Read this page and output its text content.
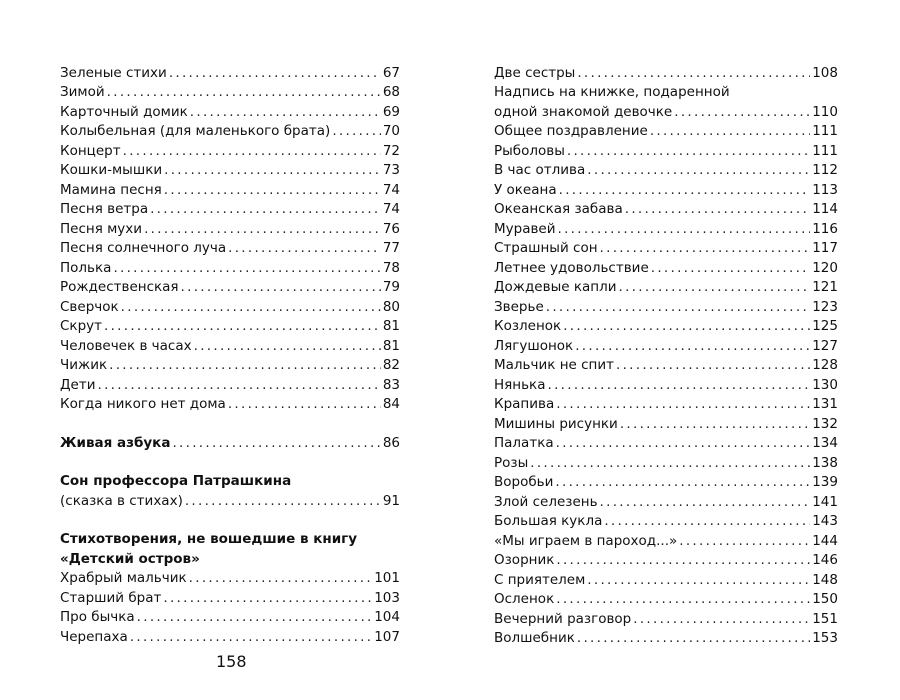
Зеленые стихи . . .	67
Зимой . . .	68
Карточный домик . . .	69
Колыбельная (для маленького брата) . . .	70
Концерт . . .	72
Кошки-мышки . . .	73
Мамина песня . . .	74
Песня ветра . . .	74
Песня мухи . . .	76
Песня солнечного луча . . .	77
Полька . . .	78
Рождественская . . .	79
Сверчок . . .	80
Скрут . . .	81
Человечек в часах . . .	81
Чижик . . .	82
Дети . . .	83
Когда никого нет дома . . .	84
Живая азбука . . .	86
Сон профессора Патрашкина
(сказка в стихах) . . .	91
Стихотворения, не вошедшие в книгу
«Детский остров»
Храбрый мальчик . . .	101
Старший брат . . .	103
Про бычка . . .	104
Черепаха . . .	107
Две сестры . . .	108
Надпись на книжке, подаренной
одной знакомой девочке . . .	110
Общее поздравление . . .	111
Рыболовы . . .	111
В час отлива . . .	112
У океана . . .	113
Океанская забава . . .	114
Муравей . . .	116
Страшный сон . . .	117
Летнее удовольствие . . .	120
Дождевые капли . . .	121
Зверье . . .	123
Козленок . . .	125
Лягушонок . . .	127
Мальчик не спит . . .	128
Нянька . . .	130
Крапива . . .	131
Мишины рисунки . . .	132
Палатка . . .	134
Розы . . .	138
Воробьи . . .	139
Злой селезень . . .	141
Большая кукла . . .	143
«Мы играем в пароход...» . . .	144
Озорник . . .	146
С приятелем . . .	148
Осленок . . .	150
Вечерний разговор . . .	151
Волшебник . . .	153
158
